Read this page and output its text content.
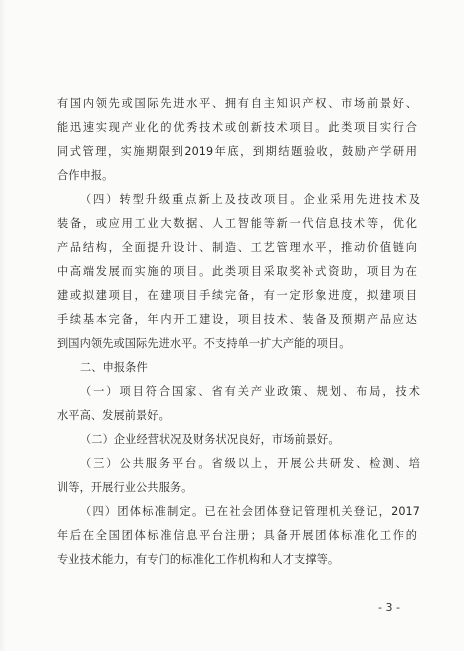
有国内领先或国际先进水平、拥有自主知识产权、市场前景好、
能迅速实现产业化的优秀技术或创新技术项目。此类项目实行合
同式管理，实施期限到2019年底，到期结题验收，鼓励产学研用
合作申报。
（四）转型升级重点新上及技改项目。企业采用先进技术及
装备，或应用工业大数据、人工智能等新一代信息技术等，优化
产品结构，全面提升设计、制造、工艺管理水平，推动价值链向
中高端发展而实施的项目。此类项目采取奖补式资助，项目为在
建或拟建项目，在建项目手续完备，有一定形象进度，拟建项目
手续基本完备，年内开工建设，项目技术、装备及预期产品应达
到国内领先或国际先进水平。不支持单一扩大产能的项目。
二、申报条件
（一）项目符合国家、省有关产业政策、规划、布局，技术
水平高、发展前景好。
（二）企业经营状况及财务状况良好，市场前景好。
（三）公共服务平台。省级以上，开展公共研发、检测、培
训等，开展行业公共服务。
（四）团体标准制定。已在社会团体登记管理机关登记，2017
年后在全国团体标准信息平台注册；具备开展团体标准化工作的
专业技术能力，有专门的标准化工作机构和人才支撑等。
- 3 -
